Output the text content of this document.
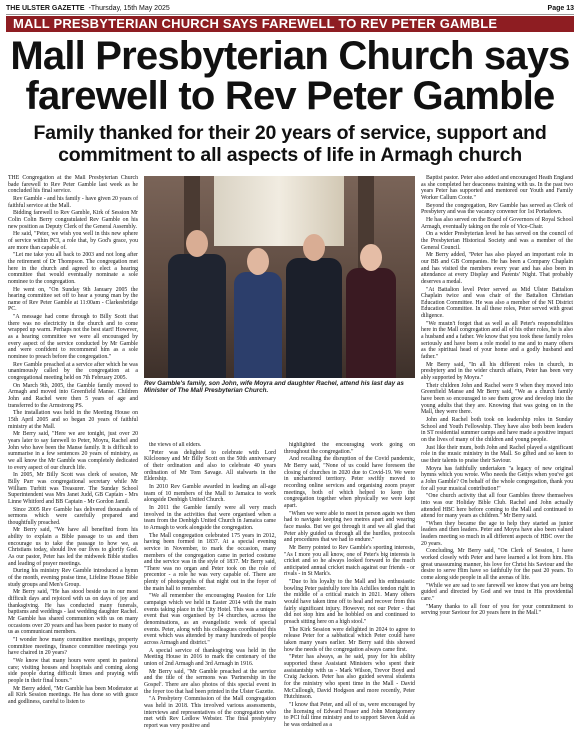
THE ULSTER GAZETTE -Thursday, 15th May 2025	Page 13
MALL PRESBYTERIAN CHURCH SAYS FAREWELL TO REV PETER GAMBLE
Mall Presbyterian Church says farewell to Rev Peter Gamble
Family thanked for their 20 years of service, support and commitment to all aspects of life in Armagh church

THE Congregation at the Mall Presbyterian Church bade farewell to Rev Peter Gamble last week as he concluded his final service.

Rev Gamble - and his family - have given 20 years of faithful service at the Mall.

Bidding farewell to Rev Gamble, Kirk of Session Mr Colin Colin Berry congratulated Rev Gamble on his new position as Deputy Clerk of the General Assembly.

He said, "Peter, we wish you well in this new sphere of service within PCI, a role that, by God's grace, you are more than capable of.

"Let me take you all back to 2003 and not long after the retirement of Dr Thompson. The congregation met here in the church and agreed to elect a hearing committee that would eventually nominate a sole nominee to the congregation.

He went on, "On Sunday 9th January 2005 the hearing committee set off to hear a young man by the name of Rev Peter Gamble at 11:00am - Clarkesbridge PC.

"A message had come through to Billy Scott that there was no electricity in the church and to come wrapped up warm. Perhaps not the best start! However, as a hearing committee we were all encouraged by every aspect of the service conducted by Mr Gamble and were confident to recommend him as a sole nominee to preach before the congregation."

Rev Gamble preached at a service after which he was unanimously called by the congregation at a congregational meeting held on 7th February 2005.

On March 9th, 2005, the Gamble family moved to Armagh and moved into Greenfield Manse. Children John and Rachel were then 5 years of age and transferred to the Armstrong PS.

The installation was held in the Meeting House on 15th April 2005 and so began 20 years of faithful ministry at the Mall.

Mr Berry said, "Here we are tonight, just over 20 years later to say farewell to Peter, Moyra, Rachel and John who have been the Manse family. It is difficult to summarise in a few sentences 20 years of ministry, as we all know the Mr Gamble was completely dedicated to every aspect of our church life.

In 2005, Mr Billy Scott was clerk of session, Mr Billy Parr was congregational secretary while Mr William Turbitt was Treasurer. The Sunday School Superintendent was Mrs Janet Judd, GB Captain - Mrs Linne Whitford and BB Captain - Mr Gordon Jamil.

Since 2005 Rev Gamble has delivered thousands of sermons which were carefully prepared and thoughtfully preached.

Mr Berry said, "We have all benefited from his ability to explain a Bible passage to us and then encourage us to take the passage to how we, as Christians today, should live our lives to glorify God. As our pastor, Peter has led the midweek Bible studies and leading of prayer meetings.

During his ministry Rev Gamble introduced a hymn of the month, evening praise time, Lifeline House Bible study groups and Men's Group.

Mr Berry said, "He has stood beside us in our most difficult days and rejoiced with us on days of joy and thanksgiving. He has conducted many funerals, baptisms and weddings - last wedding daughter Rachel. Mr Gamble has shared communion with us on many occasions over 20 years and has been pastor to many of us as communicant members.

"I wonder how many committee meetings, property committee meetings, finance committee meetings you have chaired in 20 years?

"We know that many hours were spent in pastoral care; visiting houses and hospitals and coming along side people during difficult times and praying with people in their final hours."

Mr Berry added, "Mr Gamble has been Moderator at all Kirk Session meetings. He has done so with grace and godliness, careful to listen to

Rev Gamble's family, son John, wife Moyra and daughter Rachel, attend his last day as Minister of The Mall Presbyterian Church.

the views of all elders.

"Peter was delighted to celebrate with Lord Kilclooney and Mr Billy Scott on the 50th anniversary of their ordination and also to celebrate 40 years ordination of Mr Tom Savage. All stalwarts in the Eldership.

In 2010 Rev Gamble awarded in leading an all-age team of 10 members of the Mall to Jamaica to work alongside Denbigh United Church.

In 2011 the Gamble family were all very much involved in the activities that were organised when a team from the Denbigh United Church in Jamaica came to Armagh to work alongside the congregation.

The Mall congregation celebrated 175 years in 2012, having been formed in 1837. At a special evening service in November, to mark the occasion, many members of the congregation came in period costume and the service was in the style of 1837. Mr Berry said, "There was no organ and Peter took on the role of precentor - a role he was very capable of. There are plenty of photographs of that night out in the foyer of the main hall to remember.

"We all remember the encouraging Passion for Life campaign which we held in Easter 2014 with the main events taking place in the City Hotel. This was a unique event that was organised by 14 churches, across the denominations, as an evangelistic week of special events. Peter, along with his colleagues coordinated this event which was attended by many hundreds of people across Armagh and district."

A special service of thanksgiving was held in the Meeting House in 2016 to mark the centenary of the union of 2nd Armagh and 3rd Armagh in 1916.

Mr Berry said, "Mr Gamble preached at the service and the title of the sermons was 'Partnership in the Gospel'. There are also photos of this special event in the foyer too that had been printed in the Ulster Gazette.

"A Presbytery Commission of the Mall congregation was held in 2018. This involved various assessments, interviews and representatives of the congregation who met with Rev Ledlow Webster. The final presbytery report was very positive and

highlighted the encouraging work going on throughout the congregation."

And recalling the disruption of the Covid pandemic, Mr Berry said, "None of us could have foreseen the closing of churches in 2020 due to Covid-19. We were in unchartered territory. Peter swiftly moved to recording online services and organising zoom prayer meetings, both of which helped to keep the congregation together when physically we were kept apart.

"When we were able to meet in person again we then had to navigate keeping two metres apart and wearing face masks. But we got through it and we all glad that Peter ably guided us through all the hurdles, protocols and procedures that we had to endure."

Mr Berry pointed to Rev Gamble's sporting interests, "As I more you all know, one of Peter's big interests is cricket and so he always looked forward to the much anticipated annual cricket match against our friends - or rivals - in St Mark's.

"Due to his loyalty to the Mall and his enthusiastic bowling Peter painfully tore his Achilles tendon right in the middle of a critical match in 2021. Many others would have taken time off to heal and recover from this fairly significant injury. However, not our Peter - that did not stop him and he hobbled on and continued to preach sitting here on a high stool."

The Kirk Session were delighted in 2024 to agree to release Peter for a sabbatical which Peter could have taken many years earlier. Mr Berry said this showed how the needs of the congregation always came first.

"Peter has always, as he said, pray for his ability supported these Assistant Ministers who spent their assistantship with us - Mark Wilson, Trevor Boyd and Craig Jackson. Peter has also guided several students for the ministry who spent time in the Mall - David McCullough, David Hodgson and more recently, Peter Hutchinson.

"I know that Peter, and all of us, were encouraged by the licensing of Edward Fraser and John Montgomery to PCI full time ministry and to support Steven Auld as he was ordained as a

Baptist pastor. Peter also added and encouraged Heath England as she completed her deaconess training with us. In the past two years Peter has supported and mentored our Youth and Family Worker Callum Coote."

Beyond the congregation, Rev Gamble has served as Clerk of Presbytery and was the vacancy convener for 1st Portadown.

He has also served on the Board of Governors of Royal School Armagh, eventually taking on the role of Vice-Chair.

On a wider Presbyterian level he has served on the council of the Presbyterian Historical Society and was a member of the General Council.

Mr Berry added, "Peter has also played an important role in our BB and GB Companies. He has been a Company Chaplain and has visited the members every year and has also been in attendance at every Display and Parents' Night. That probably deserves a medal.

"At Battalion level Peter served as Mid Ulster Battalion Chaplain twice and was chair of the Battalion Christian Education Committee. He was also a member of the NI District Education Committee. In all these roles, Peter served with great diligence.

"We mustn't forget that as well as all Peter's responsibilities here in the Mall congregation and all of his other roles, he is also a husband and a father. We know that you took these family roles seriously and have been a role model to me and to many others as the spiritual head of your home and a godly husband and father."

Mr Berry said, "In all his different roles in church, in presbytery and in the wider church affairs, Peter has been very ably supported by Moyra."

Their children John and Rachel were 9 when they moved into Greenfield Manse and Mr Berry said, "We as a church family have been so encouraged to see them grow and develop into the young adults that they are. Knowing that was going on in the Mall, they were there.

John and Rachel both took on leadership roles in Sunday School and Youth Fellowship. They have also both been leaders in ST residential summer camps and have made a positive impact on the lives of many of the children and young people.

Just like their mum, both John and Rachel played a significant role in the music ministry in the Mall. So gifted and so keen to use their talents to praise their Saviour.

Moyra has faithfully undertaken "a legacy of new original hymns which you wrote. Who needs the Gettys when you've got a John Gamble? On behalf of the whole congregation, thank you for all your musical contribution!"

"One church activity that all four Gambles threw themselves into was our Holiday Bible Club. Rachel and John actually attended HBC here before coming to the Mall and continued to attend for many years as children." Mr Berry said.

"When they became the age to help they started as junior leaders and then leaders. Peter and Moyra have also been valued leaders meeting so much in all different aspects of HBC over the 20 years.

Concluding, Mr Berry said, "On Clerk of Session, I have worked closely with Peter and have learned a lot from him. His great unassuming manner, his love for Christ his Saviour and the desire to serve Him have so faithfully for the past 20 years. To come along side people in all the arenas of life.

"While we are sad to see farewell we know that you are being guided and directed by God and we trust in His providential care."

"Many thanks to all four of you for your commitment to serving your Saviour for 20 years here in the Mall."
